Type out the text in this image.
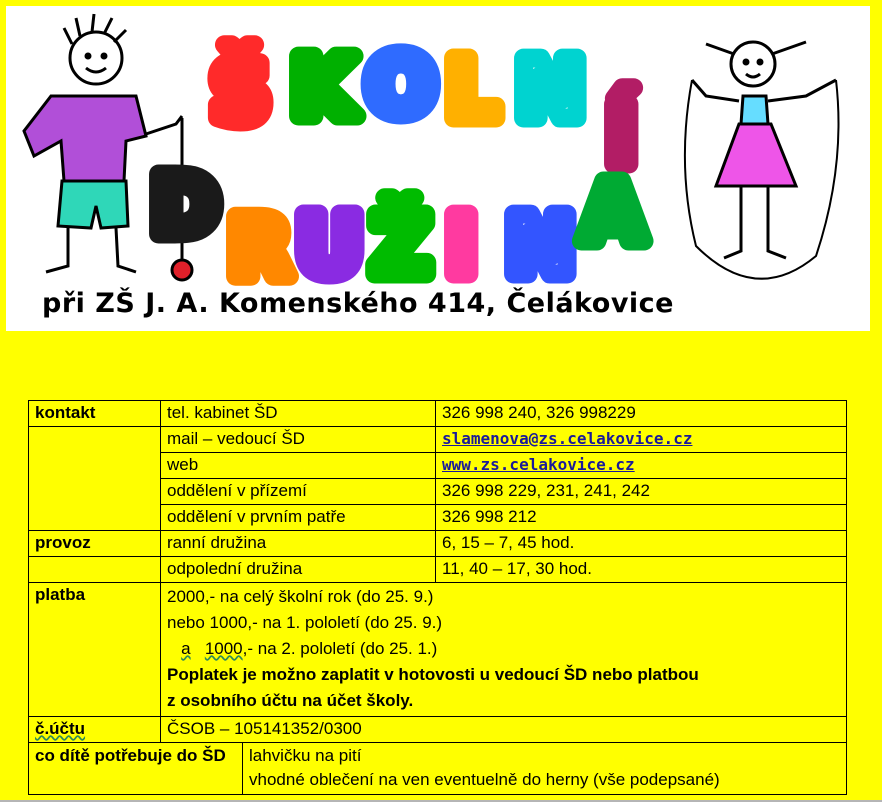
Š K O L N Í
D R U Ž I N A
při ZŠ J. A. Komenského 414, Čelákovice
kontakt	tel. kabinet ŠD		326 998 240, 326 998229
	mail – vedoucí ŠD		slamenova@zs.celakovice.cz
	web		www.zs.celakovice.cz
	oddělení v přízemí		326 998 229, 231, 241, 242
	oddělení v prvním patře		326 998 212
provoz	ranní družina		6, 15 – 7, 45 hod.
	odpolední družina		11, 40 – 17, 30 hod.
platba	2000,- na celý školní rok (do 25. 9.)
nebo 1000,- na 1. pololetí (do 25. 9.)
a 1000,- na 2. pololetí (do 25. 1.)
Poplatek je možno zaplatit v hotovosti u vedoucí ŠD nebo platbou
z osobního účtu na účet školy.		

č.účtu	ČSOB – 105141352/0300		
co dítě potřebuje do ŠD		lahvičku na pití
vhodné oblečení na ven eventuelně do herny (vše podepsané)	
